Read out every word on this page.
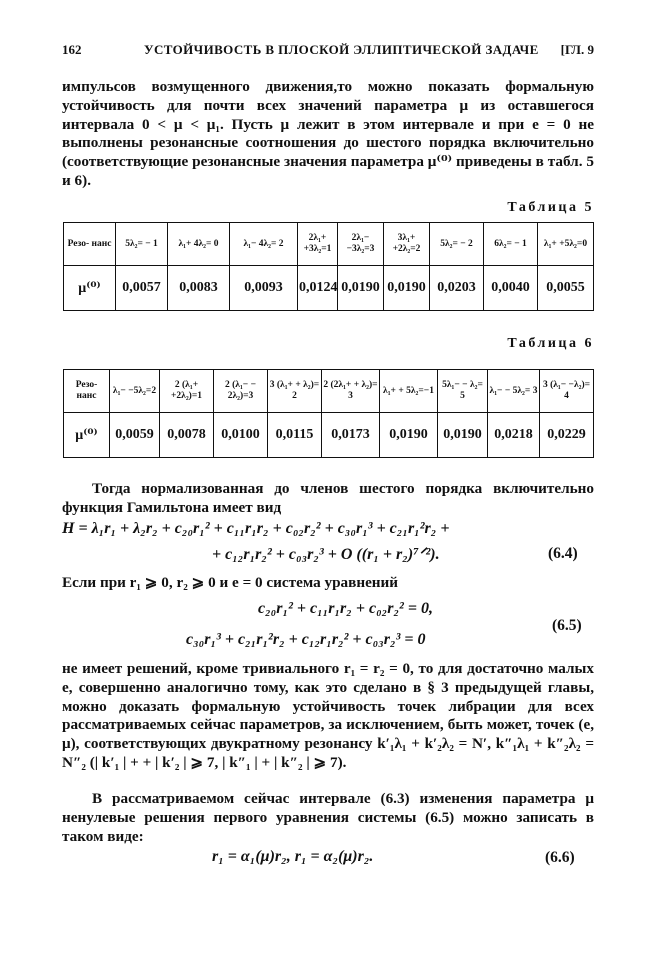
162	УСТОЙЧИВОСТЬ В ПЛОСКОЙ ЭЛЛИПТИЧЕСКОЙ ЗАДАЧЕ [ГЛ. 9
импульсов возмущенного движения,то можно показать формальную устойчивость для почти всех значений параметра μ из оставшегося интервала 0 < μ < μ₁. Пусть μ лежит в этом интервале и при e = 0 не выполнены резонансные соотношения до шестого порядка включительно (соответствующие резонансные значения параметра μ⁽⁰⁾ приведены в табл. 5 и 6).
Таблица 5
Резо- нанс	5λ₂= − 1	λ₁+ 4λ₂= 0	λ₁− 4λ₂= 2	2λ₁+ +3λ₂=1	2λ₁− −3λ₂=3	3λ₁+ +2λ₂=2	5λ₂= − 2	6λ₂= − 1	λ₁+ +5λ₂=0
μ⁽⁰⁾	0,0057	0,0083	0,0093	0,0124	0,0190	0,0190	0,0203	0,0040	0,0055
Таблица 6
Резо- нанс	λ₁− −5λ₂=2	2 (λ₁+ +2λ₂)=1	2 (λ₁− − 2λ₂)=3	3 (λ₁+ + λ₂)= 2	2 (2λ₁+ + λ₂)= 3	λ₁+ + 5λ₂=−1	5λ₁− − λ₂= 5	λ₁− − 5λ₂= 3	3 (λ₁− −λ₂)= 4
μ⁽⁰⁾	0,0059	0,0078	0,0100	0,0115	0,0173	0,0190	0,0190	0,0218	0,0229
Тогда нормализованная до членов шестого порядка включительно функция Гамильтона имеет вид
H = λ₁r₁ + λ₂r₂ + c₂₀r₁² + c₁₁r₁r₂ + c₀₂r₂² + c₃₀r₁³ + c₂₁r₁²r₂ +
+ c₁₂r₁r₂² + c₀₃r₂³ + O ((r₁ + r₂)⁷ᐟ²).	(6.4)
Если при r₁ ⩾ 0, r₂ ⩾ 0 и e = 0 система уравнений
c₂₀r₁² + c₁₁r₁r₂ + c₀₂r₂² = 0,
c₃₀r₁³ + c₂₁r₁²r₂ + c₁₂r₁r₂² + c₀₃r₂³ = 0
(6.5)
не имеет решений, кроме тривиального r₁ = r₂ = 0, то для достаточно малых e, совершенно аналогично тому, как это сделано в § 3 предыдущей главы, можно доказать формальную устойчивость точек либрации для всех рассматриваемых сейчас параметров, за исключением, быть может, точек (e, μ), соответствующих двукратному резонансу k′₁λ₁ + k′₂λ₂ = N′, k″₁λ₁ + k″₂λ₂ = N″₂ (| k′₁ | + + | k′₂ | ⩾ 7, | k″₁ | + | k″₂ | ⩾ 7).
В рассматриваемом сейчас интервале (6.3) изменения параметра μ ненулевые решения первого уравнения системы (6.5) можно записать в таком виде:
r₁ = α₁(μ)r₂, r₁ = α₂(μ)r₂.	(6.6)
